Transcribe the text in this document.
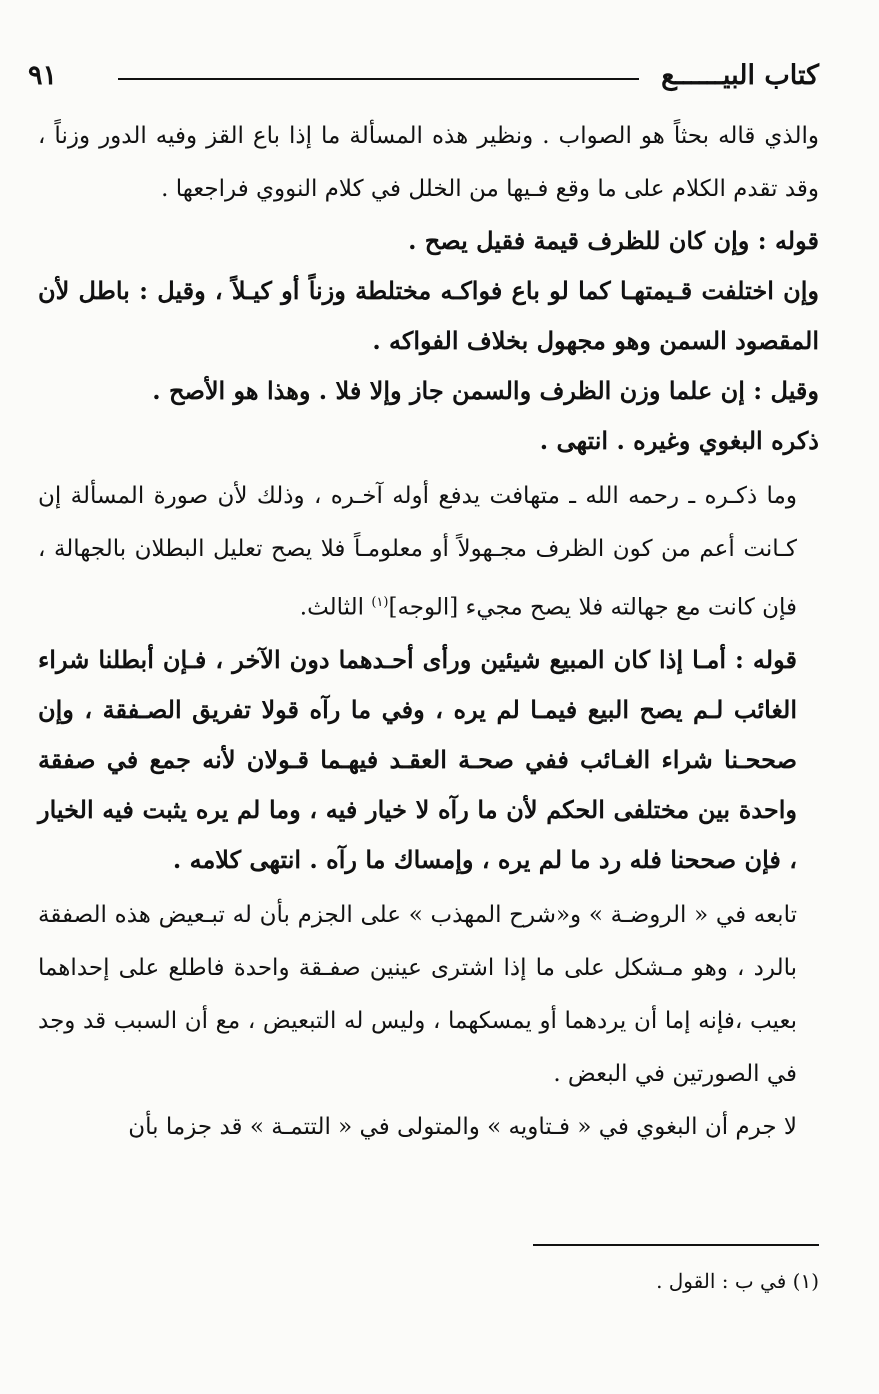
كتاب البيــــــع
٩١

والذي قاله بحثاً هو الصواب . ونظير هذه المسألة ما إذا باع القز وفيه الدور وزناً ، وقد تقدم الكلام على ما وقع فـيها من الخلل في كلام النووي فراجعها .

قوله : وإن كان للظرف قيمة فقيل يصح .

وإن اختلفت قـيمتهـا كما لو باع فواكـه مختلطة وزناً أو كيـلاً ، وقيل : باطل لأن المقصود السمن وهو مجهول بخلاف الفواكه .

وقيل : إن علما وزن الظرف والسمن جاز وإلا فلا . وهذا هو الأصح .

ذكره البغوي وغيره . انتهى .

وما ذكـره ـ رحمه الله ـ متهافت يدفع أوله آخـره ، وذلك لأن صورة المسألة إن كـانت أعم من كون الظرف مجـهولاً أو معلومـاً فلا يصح تعليل البطلان بالجهالة ، فإن كانت مع جهالته فلا يصح مجيء [الوجه]$^{(١)}$ الثالث.

قوله : أمـا إذا كان المبيع شيئين ورأى أحـدهما دون الآخر ، فـإن أبطلنا شراء الغائب لـم يصح البيع فيمـا لم يره ، وفي ما رآه قولا تفريق الصـفقة ، وإن صححـنا شراء الغـائب ففي صحـة العقـد فيهـما قـولان لأنه جمع في صفقة واحدة بين مختلفى الحكم لأن ما رآه لا خيار فيه ، وما لم يره يثبت فيه الخيار ، فإن صححنا فله رد ما لم يره ، وإمساك ما رآه . انتهى كلامه .

تابعه في « الروضـة » و«شرح المهذب » على الجزم بأن له تبـعيض هذه الصفقة بالرد ، وهو مـشكل على ما إذا اشترى عينين صفـقة واحدة فاطلع على إحداهما بعيب ،فإنه إما أن يردهما أو يمسكهما ، وليس له التبعيض ، مع أن السبب قد وجد في الصورتين في البعض .

لا جرم أن البغوي في « فـتاويه » والمتولى في « التتمـة » قد جزما بأن

(١) في ب : القول .
